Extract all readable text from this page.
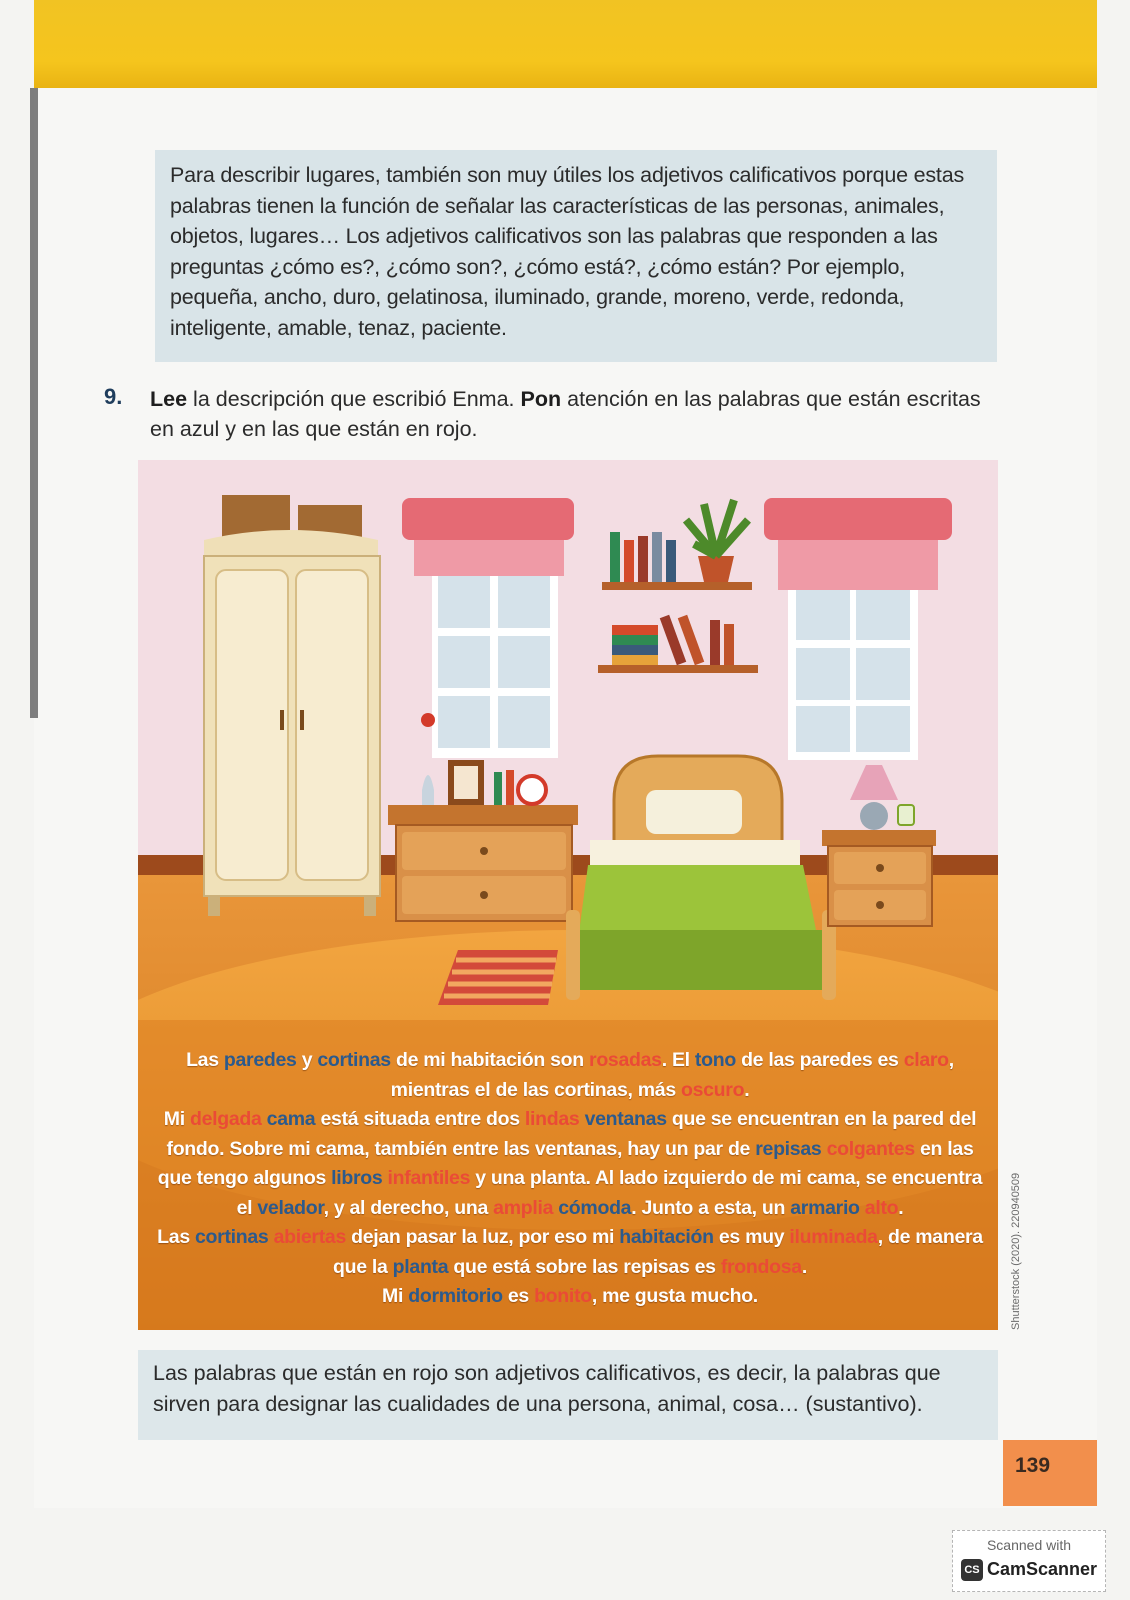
Para describir lugares, también son muy útiles los adjetivos calificativos porque estas palabras tienen la función de señalar las características de las personas, animales, objetos, lugares… Los adjetivos calificativos son las palabras que responden a las preguntas ¿cómo es?, ¿cómo son?, ¿cómo está?, ¿cómo están? Por ejemplo, pequeña, ancho, duro, gelatinosa, iluminado, grande, moreno, verde, redonda, inteligente, amable, tenaz, paciente.
9. Lee la descripción que escribió Enma. Pon atención en las palabras que están escritas en azul y en las que están en rojo.
Las paredes y cortinas de mi habitación son rosadas. El tono de las paredes es claro,
mientras el de las cortinas, más oscuro.
Mi delgada cama está situada entre dos lindas ventanas que se encuentran en la pared del fondo. Sobre mi cama, también entre las ventanas, hay un par de repisas colgantes en las que tengo algunos libros infantiles y una planta. Al lado izquierdo de mi cama, se encuentra el velador, y al derecho, una amplia cómoda. Junto a esta, un armario alto.
Las cortinas abiertas dejan pasar la luz, por eso mi habitación es muy iluminada, de manera que la planta que está sobre las repisas es frondosa.
Mi dormitorio es bonito, me gusta mucho.	Shutterstock (2020). 220940509
Las palabras que están en rojo son adjetivos calificativos, es decir, la palabras que sirven para designar las cualidades de una persona, animal, cosa… (sustantivo).
139
Scanned with
CS CamScanner
